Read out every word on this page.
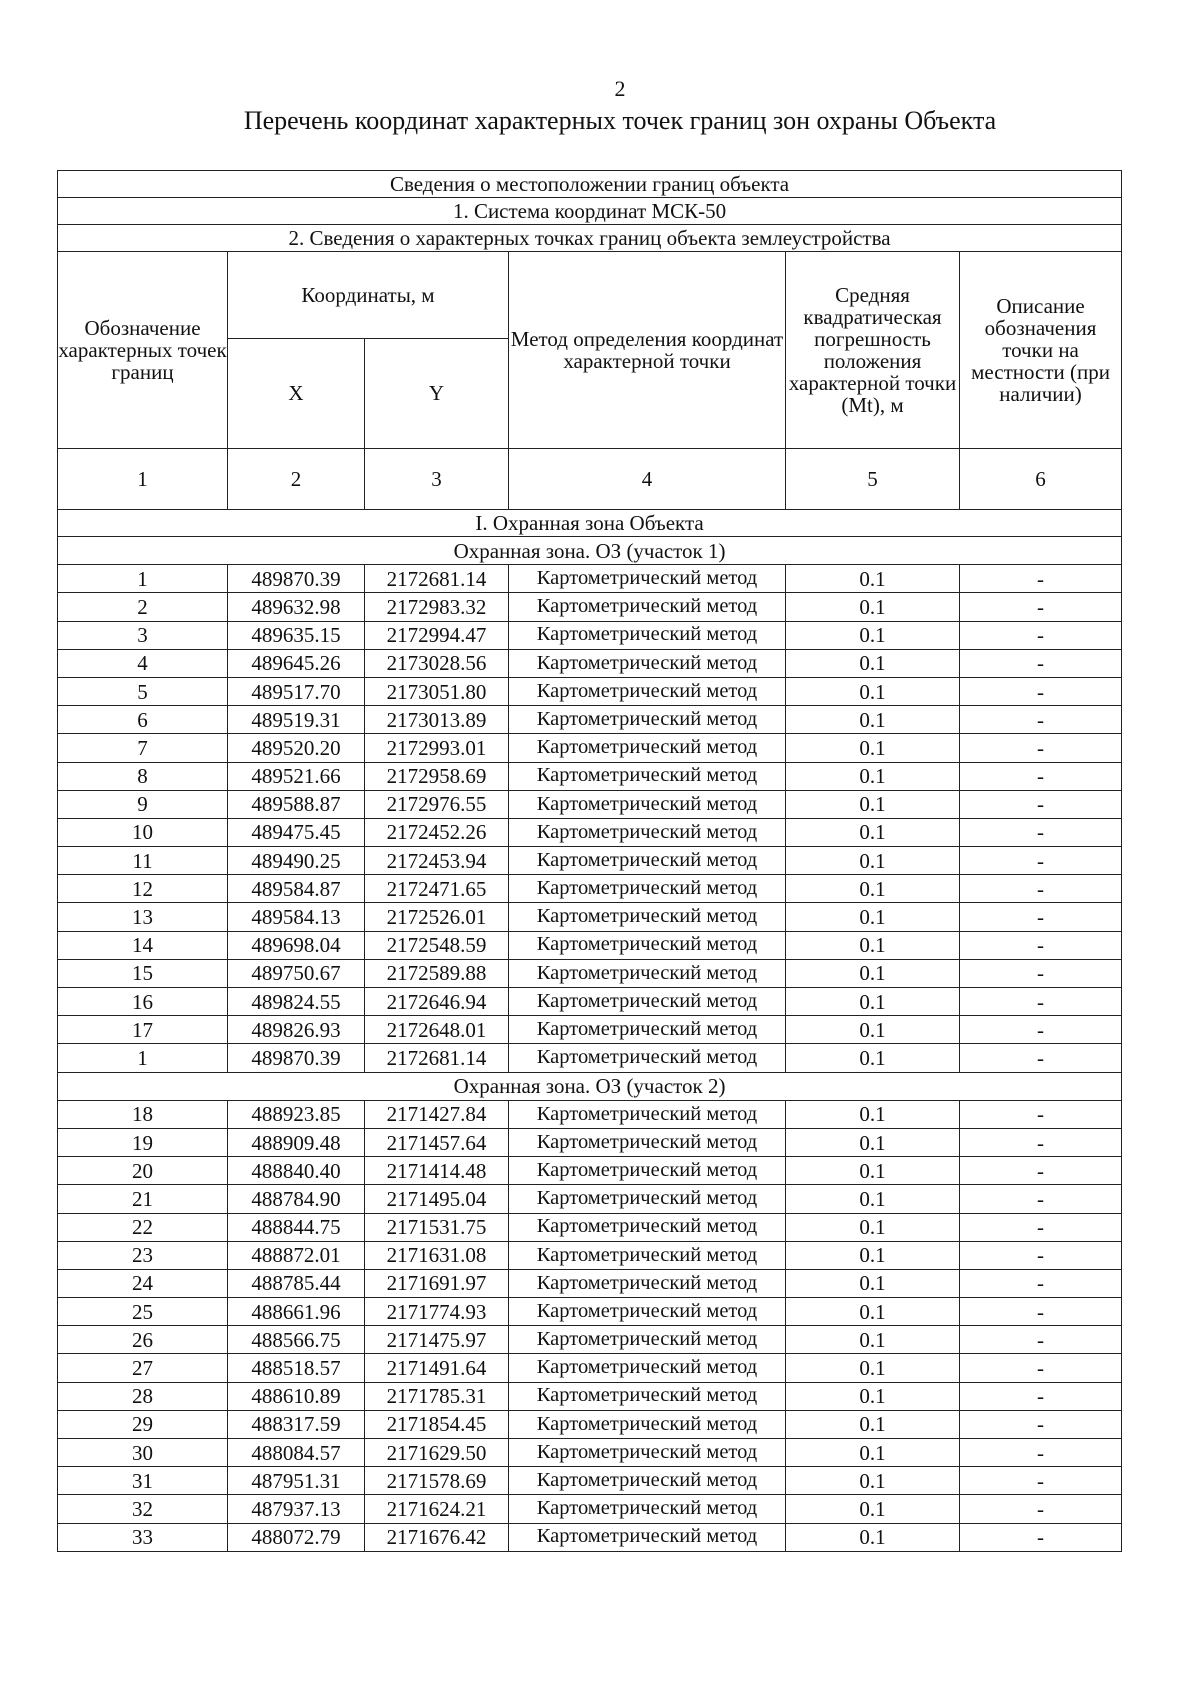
2
Перечень координат характерных точек границ зон охраны Объекта
Сведения о местоположении границ объекта					
1. Система координат МСК-50					
2. Сведения о характерных точках границ объекта землеустройства					
Обозначение характерных точек границ	Координаты, м		Метод определения координат характерной точки	Средняя квадратическая погрешность положения характерной точки (Mt), м	Описание обозначения точки на местности (при наличии)
	X	Y			
1	2	3	4	5	6
I. Охранная зона Объекта					
Охранная зона. ОЗ (участок 1)					
1	489870.39	2172681.14	Картометрический метод	0.1	-
2	489632.98	2172983.32	Картометрический метод	0.1	-
3	489635.15	2172994.47	Картометрический метод	0.1	-
4	489645.26	2173028.56	Картометрический метод	0.1	-
5	489517.70	2173051.80	Картометрический метод	0.1	-
6	489519.31	2173013.89	Картометрический метод	0.1	-
7	489520.20	2172993.01	Картометрический метод	0.1	-
8	489521.66	2172958.69	Картометрический метод	0.1	-
9	489588.87	2172976.55	Картометрический метод	0.1	-
10	489475.45	2172452.26	Картометрический метод	0.1	-
11	489490.25	2172453.94	Картометрический метод	0.1	-
12	489584.87	2172471.65	Картометрический метод	0.1	-
13	489584.13	2172526.01	Картометрический метод	0.1	-
14	489698.04	2172548.59	Картометрический метод	0.1	-
15	489750.67	2172589.88	Картометрический метод	0.1	-
16	489824.55	2172646.94	Картометрический метод	0.1	-
17	489826.93	2172648.01	Картометрический метод	0.1	-
1	489870.39	2172681.14	Картометрический метод	0.1	-
Охранная зона. ОЗ (участок 2)					
18	488923.85	2171427.84	Картометрический метод	0.1	-
19	488909.48	2171457.64	Картометрический метод	0.1	-
20	488840.40	2171414.48	Картометрический метод	0.1	-
21	488784.90	2171495.04	Картометрический метод	0.1	-
22	488844.75	2171531.75	Картометрический метод	0.1	-
23	488872.01	2171631.08	Картометрический метод	0.1	-
24	488785.44	2171691.97	Картометрический метод	0.1	-
25	488661.96	2171774.93	Картометрический метод	0.1	-
26	488566.75	2171475.97	Картометрический метод	0.1	-
27	488518.57	2171491.64	Картометрический метод	0.1	-
28	488610.89	2171785.31	Картометрический метод	0.1	-
29	488317.59	2171854.45	Картометрический метод	0.1	-
30	488084.57	2171629.50	Картометрический метод	0.1	-
31	487951.31	2171578.69	Картометрический метод	0.1	-
32	487937.13	2171624.21	Картометрический метод	0.1	-
33	488072.79	2171676.42	Картометрический метод	0.1	-
